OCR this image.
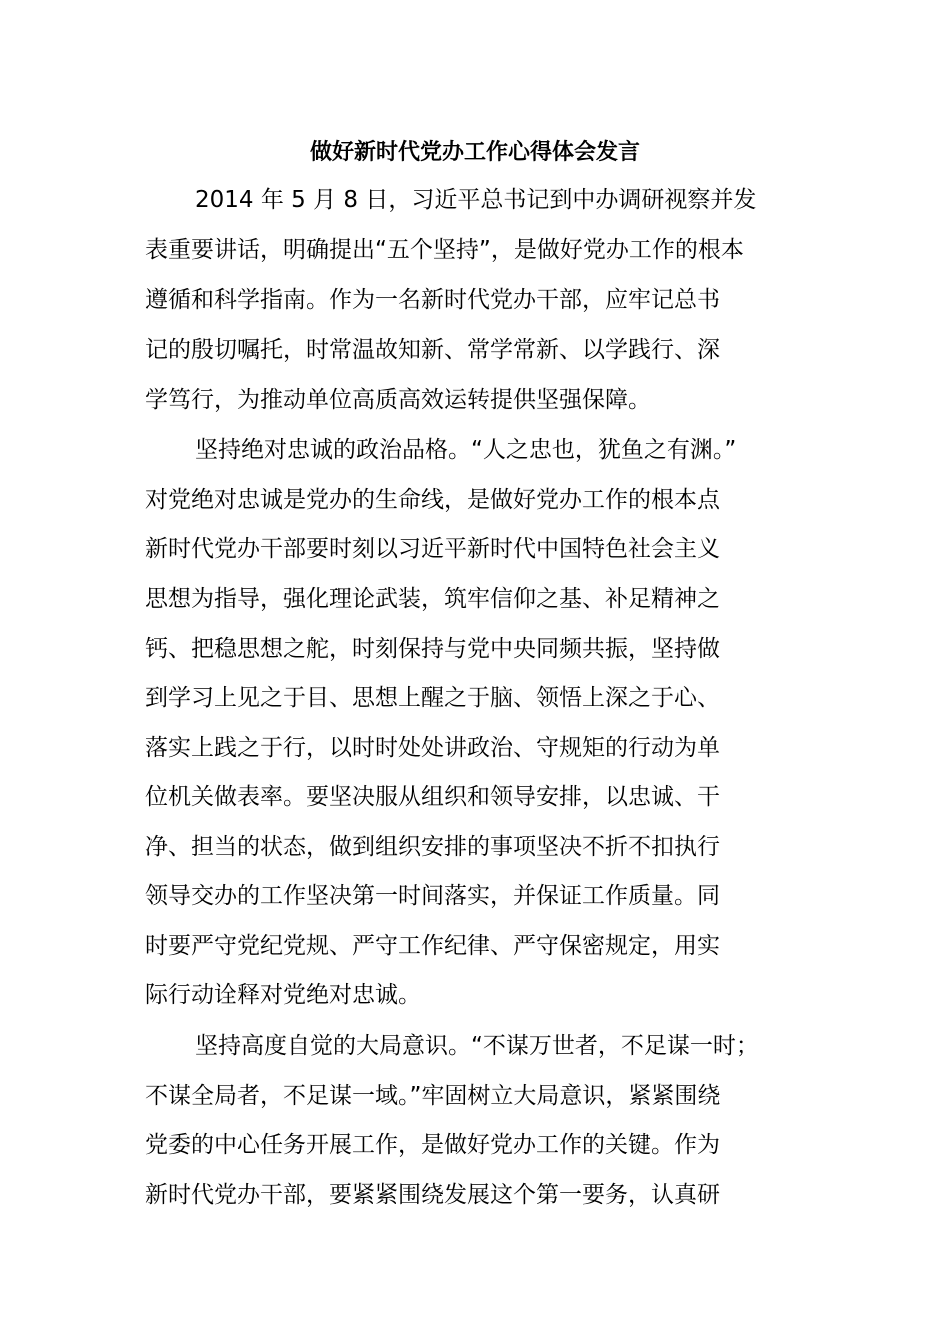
做好新时代党办工作心得体会发言
2014 年 5 月 8 日，习近平总书记到中办调研视察并发
表重要讲话，明确提出“五个坚持”，是做好党办工作的根本
遵循和科学指南。作为一名新时代党办干部，应牢记总书
记的殷切嘱托，时常温故知新、常学常新、以学践行、深
学笃行，为推动单位高质高效运转提供坚强保障。
坚持绝对忠诚的政治品格。“人之忠也，犹鱼之有渊。”
对党绝对忠诚是党办的生命线，是做好党办工作的根本点
新时代党办干部要时刻以习近平新时代中国特色社会主义
思想为指导，强化理论武装，筑牢信仰之基、补足精神之
钙、把稳思想之舵，时刻保持与党中央同频共振，坚持做
到学习上见之于目、思想上醒之于脑、领悟上深之于心、
落实上践之于行，以时时处处讲政治、守规矩的行动为单
位机关做表率。要坚决服从组织和领导安排，以忠诚、干
净、担当的状态，做到组织安排的事项坚决不折不扣执行
领导交办的工作坚决第一时间落实，并保证工作质量。同
时要严守党纪党规、严守工作纪律、严守保密规定，用实
际行动诠释对党绝对忠诚。
坚持高度自觉的大局意识。“不谋万世者，不足谋一时；
不谋全局者，不足谋一域。”牢固树立大局意识，紧紧围绕
党委的中心任务开展工作，是做好党办工作的关键。作为
新时代党办干部，要紧紧围绕发展这个第一要务，认真研
